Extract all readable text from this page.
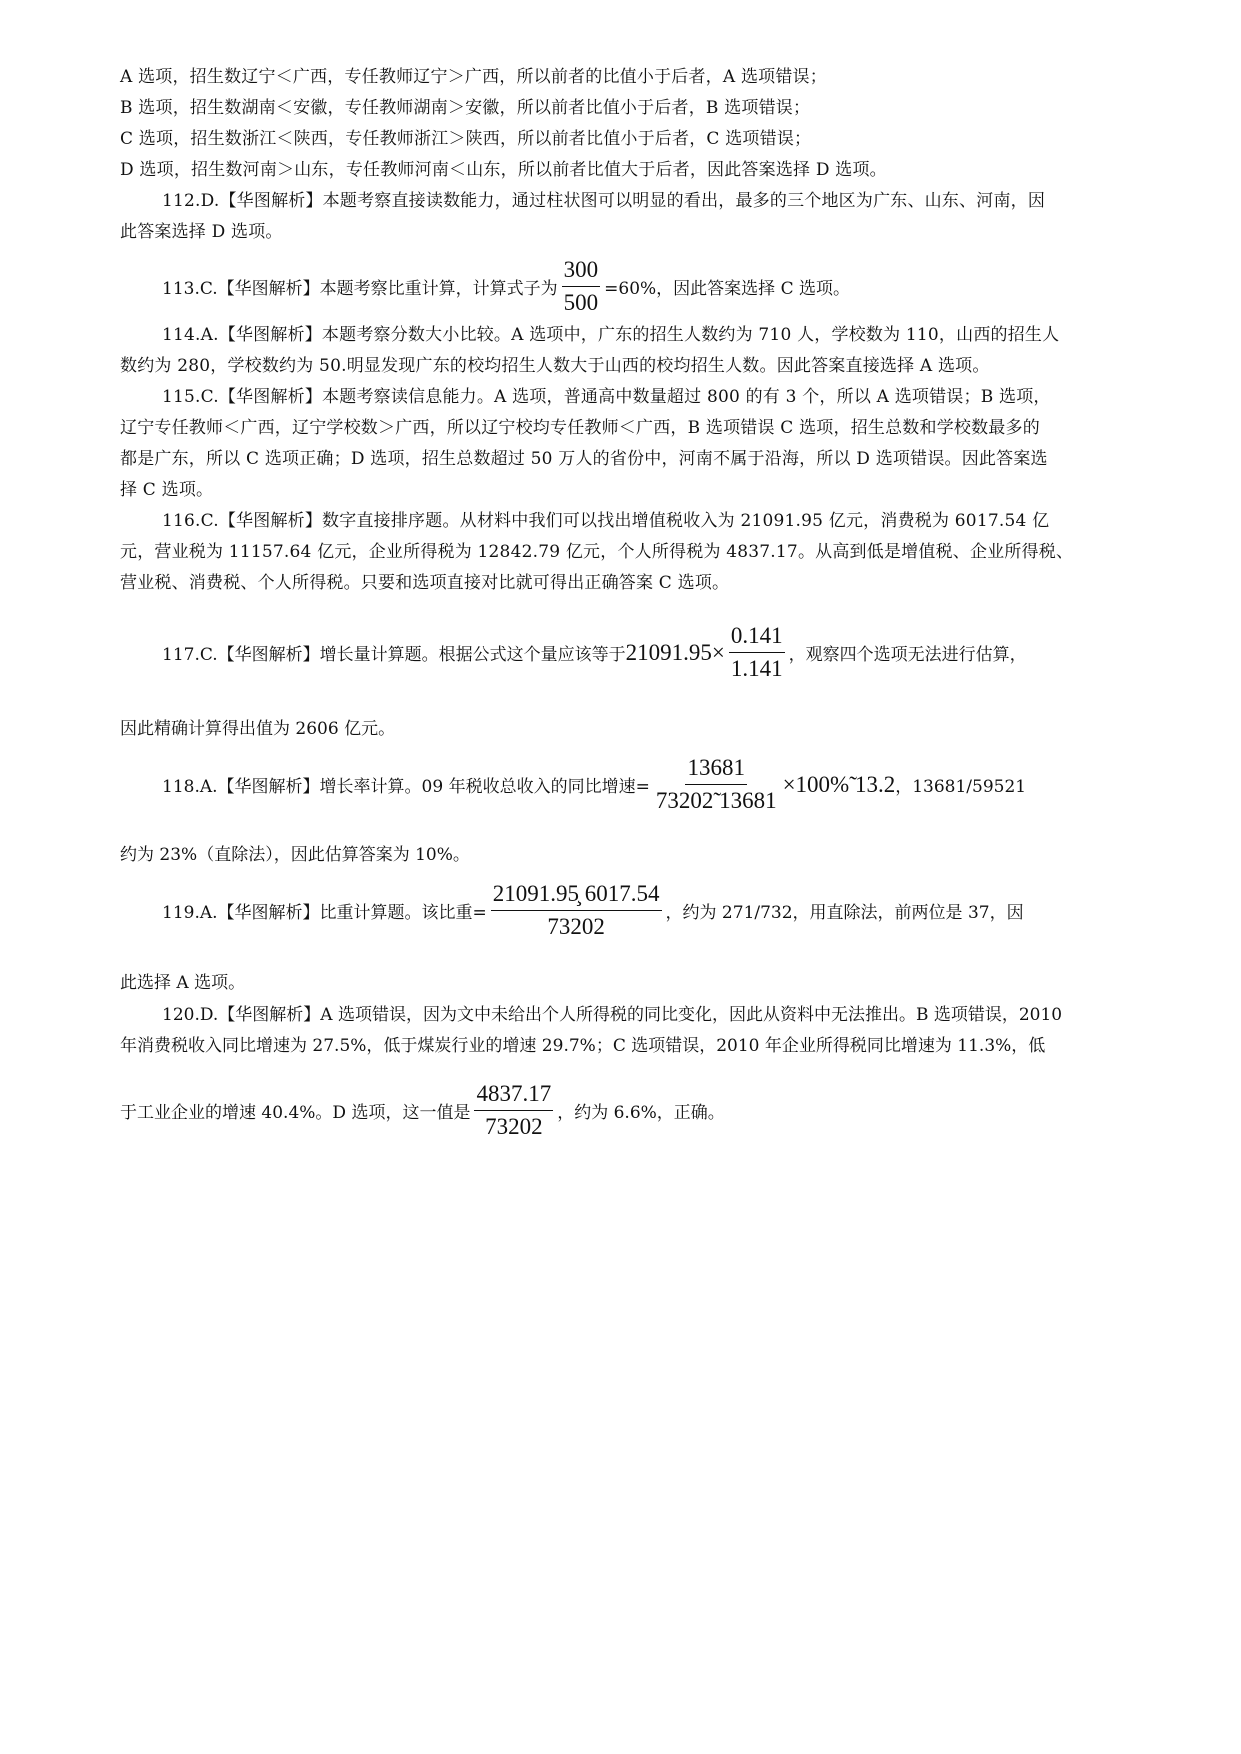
A 选项，招生数辽宁＜广西，专任教师辽宁＞广西，所以前者的比值小于后者，A 选项错误；
B 选项，招生数湖南＜安徽，专任教师湖南＞安徽，所以前者比值小于后者，B 选项错误；
C 选项，招生数浙江＜陕西，专任教师浙江＞陕西，所以前者比值小于后者，C 选项错误；
D 选项，招生数河南＞山东，专任教师河南＜山东，所以前者比值大于后者，因此答案选择 D 选项。
112.D.【华图解析】本题考察直接读数能力，通过柱状图可以明显的看出，最多的三个地区为广东、山东、河南，因
此答案选择 D 选项。
113.C.【华图解析】本题考察比重计算，计算式子为 $\frac{300}{500} =60\%$，因此答案选择 C 选项。
114.A.【华图解析】本题考察分数大小比较。A 选项中，广东的招生人数约为 710 人，学校数为 110，山西的招生人
数约为 280，学校数约为 50.明显发现广东的校均招生人数大于山西的校均招生人数。因此答案直接选择 A 选项。
115.C.【华图解析】本题考察读信息能力。A 选项，普通高中数量超过 800 的有 3 个，所以 A 选项错误；B 选项，
辽宁专任教师＜广西，辽宁学校数＞广西，所以辽宁校均专任教师＜广西，B 选项错误 C 选项，招生总数和学校数最多的
都是广东，所以 C 选项正确；D 选项，招生总数超过 50 万人的省份中，河南不属于沿海，所以 D 选项错误。因此答案选
择 C 选项。
116.C.【华图解析】数字直接排序题。从材料中我们可以找出增值税收入为 21091.95 亿元，消费税为 6017.54 亿
元，营业税为 11157.64 亿元，企业所得税为 12842.79 亿元，个人所得税为 4837.17。从高到低是增值税、企业所得税、
营业税、消费税、个人所得税。只要和选项直接对比就可得出正确答案 C 选项。
117.C.【华图解析】增长量计算题。根据公式这个量应该等于 $21091.95 \times \frac{0.141}{1.141}$ ，观察四个选项无法进行估算，
因此精确计算得出值为 2606 亿元。
118.A.【华图解析】增长率计算。09 年税收总收入的同比增速= $\frac{13681}{73202̃ 13681}$ ×100%̃ 13.2 ，13681/59521
约为 23%（直除法），因此估算答案为 10%。
119.A.【华图解析】比重计算题。该比重= $\frac{21091.95̧ 6017.54}{73202}$ ，约为 271/732，用直除法，前两位是 37，因
此选择 A 选项。
120.D.【华图解析】A 选项错误，因为文中未给出个人所得税的同比变化，因此从资料中无法推出。B 选项错误，2010
年消费税收入同比增速为 27.5%，低于煤炭行业的增速 29.7%；C 选项错误，2010 年企业所得税同比增速为 11.3%，低
于工业企业的增速 40.4%。D 选项，这一值是 $\frac{4837.17}{73202}$ ，约为 6.6%，正确。
